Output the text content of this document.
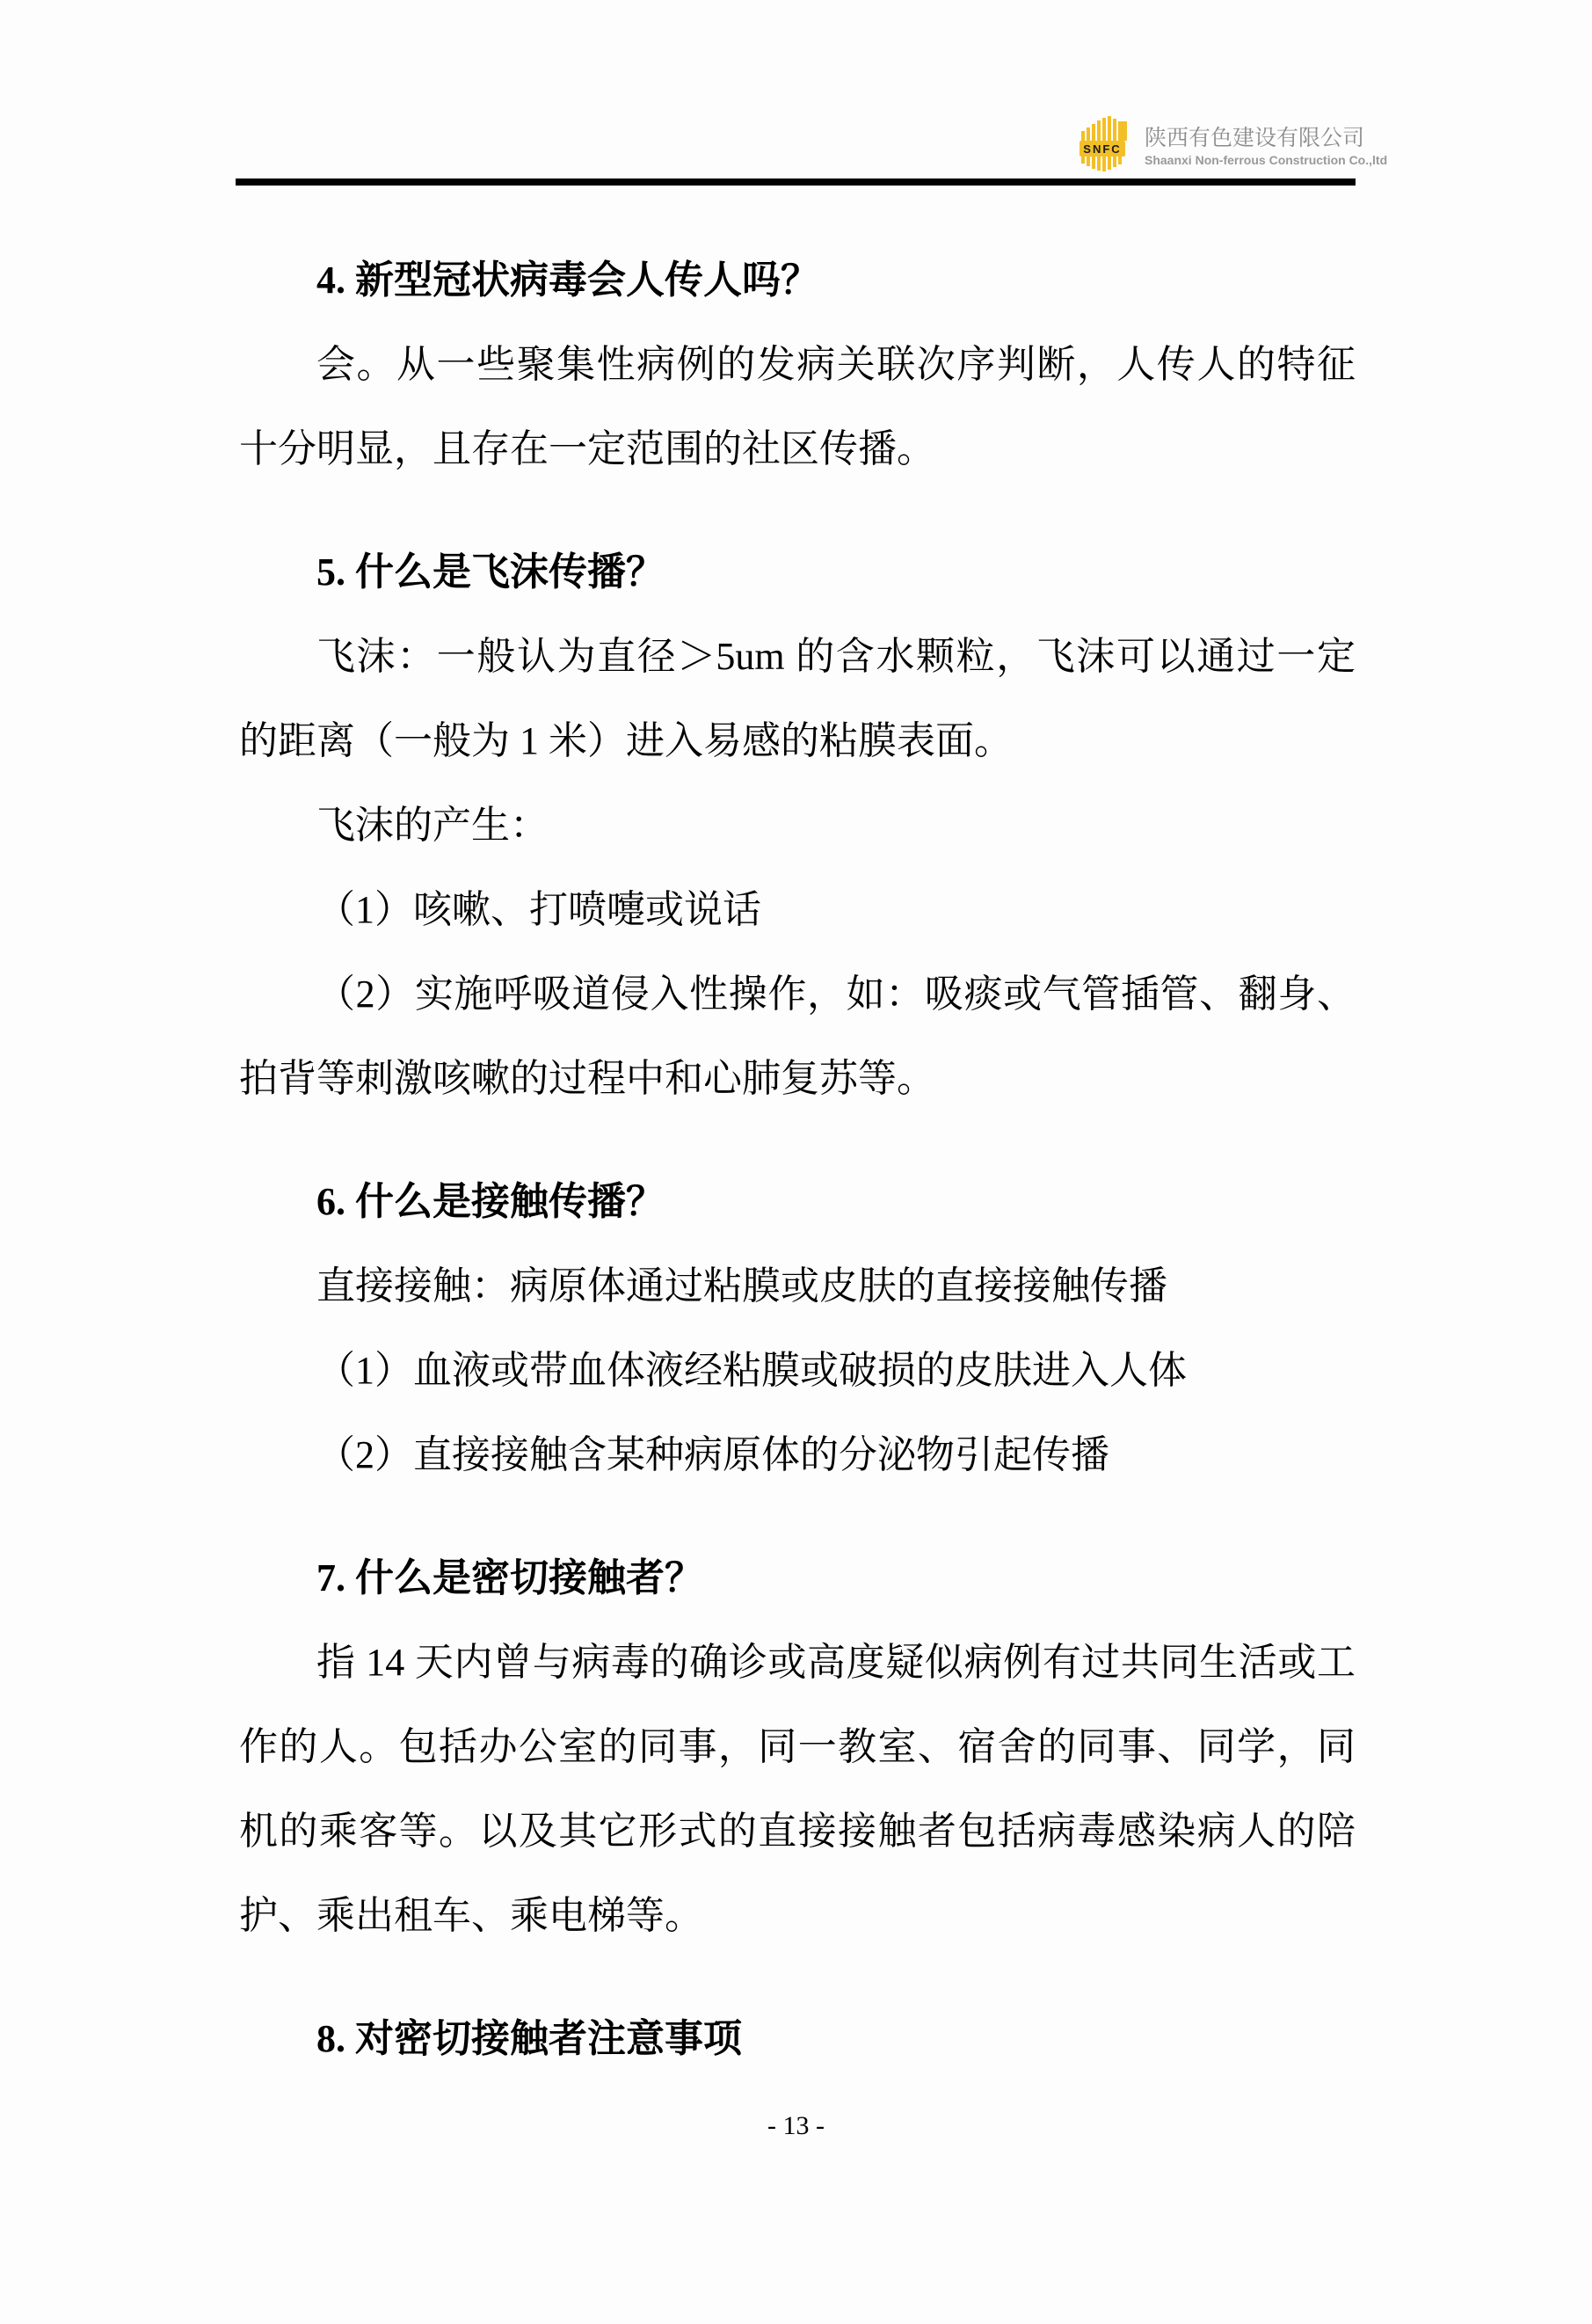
SNFC 陕西有色建设有限公司
Shaanxi Non-ferrous Construction Co.,ltd
4. 新型冠状病毒会人传人吗？

会。从一些聚集性病例的发病关联次序判断，人传人的特征十分明显，且存在一定范围的社区传播。

5. 什么是飞沫传播？

飞沫：一般认为直径＞5um 的含水颗粒，飞沫可以通过一定的距离（一般为 1 米）进入易感的粘膜表面。

飞沫的产生：

（1）咳嗽、打喷嚏或说话

（2）实施呼吸道侵入性操作，如：吸痰或气管插管、翻身、拍背等刺激咳嗽的过程中和心肺复苏等。

6. 什么是接触传播？

直接接触：病原体通过粘膜或皮肤的直接接触传播

（1）血液或带血体液经粘膜或破损的皮肤进入人体

（2）直接接触含某种病原体的分泌物引起传播

7. 什么是密切接触者？

指 14 天内曾与病毒的确诊或高度疑似病例有过共同生活或工作的人。包括办公室的同事，同一教室、宿舍的同事、同学，同机的乘客等。以及其它形式的直接接触者包括病毒感染病人的陪护、乘出租车、乘电梯等。

8. 对密切接触者注意事项
- 13 -
